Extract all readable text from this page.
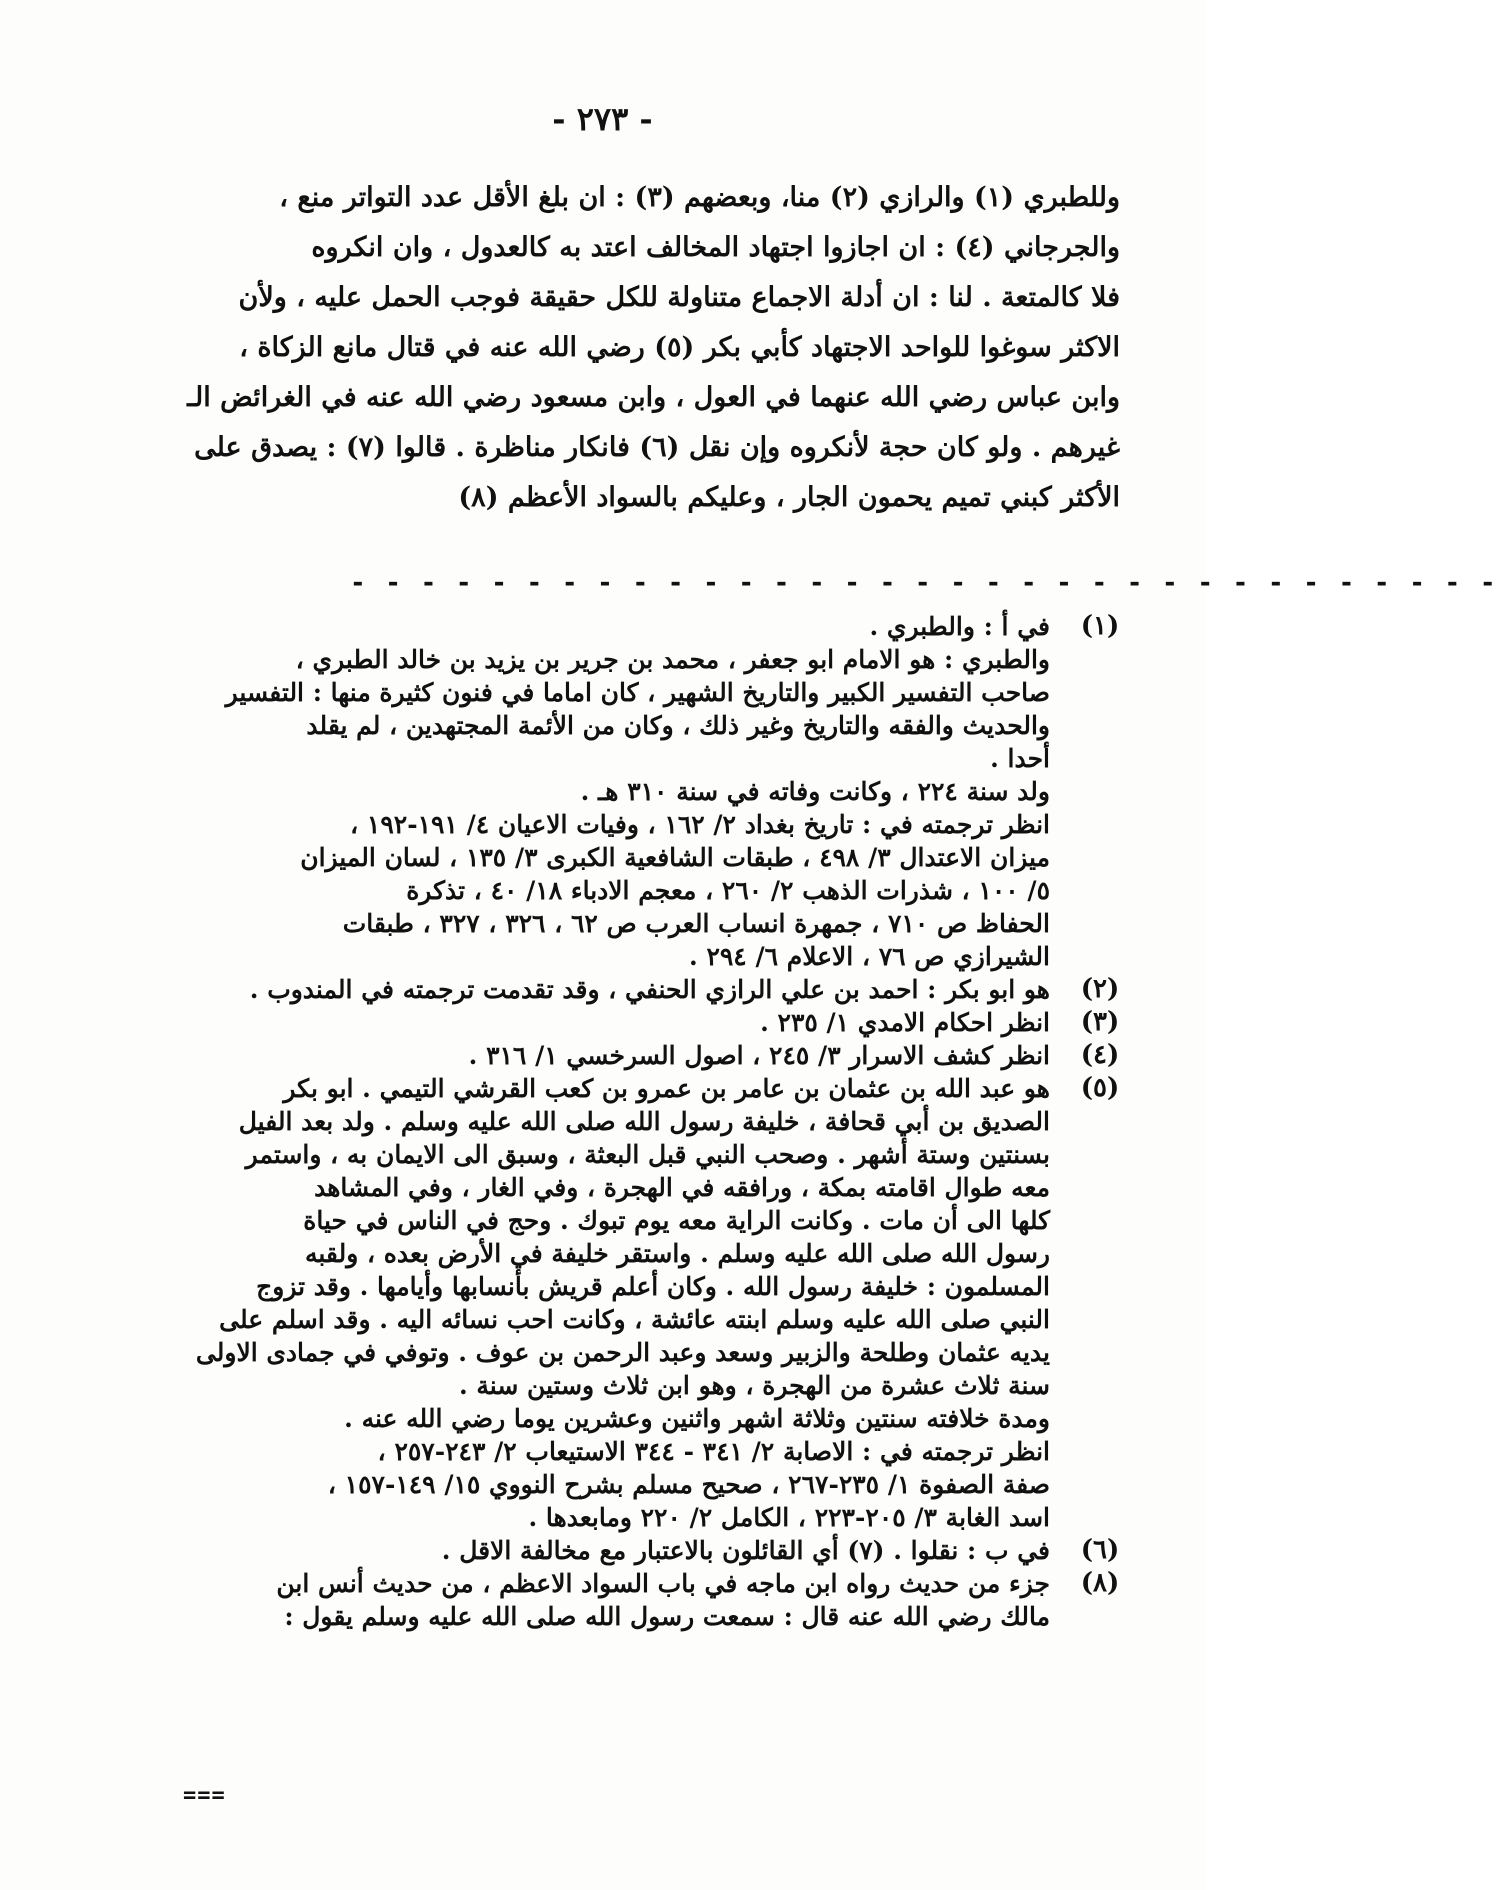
- ٢٧٣ -
وللطبري (١) والرازي (٢) منا، وبعضهم (٣) : ان بلغ الأقل عدد التواتر منع ،
والجرجاني (٤) : ان اجازوا اجتهاد المخالف اعتد به كالعدول ، وان انكروه
فلا كالمتعة . لنا : ان أدلة الاجماع متناولة للكل حقيقة فوجب الحمل عليه ، ولأن
الاكثر سوغوا للواحد الاجتهاد كأبي بكر (٥) رضي الله عنه في قتال مانع الزكاة ،
وابن عباس رضي الله عنهما في العول ، وابن مسعود رضي الله عنه في الغرائض الـ
غيرهم . ولو كان حجة لأنكروه وإن نقل (٦) فانكار مناظرة . قالوا (٧) : يصدق على
الأكثر كبني تميم يحمون الجار ، وعليكم بالسواد الأعظم (٨)
- - - - - - - - - - - - - - - - - - - - - - - - - - - - - - - - -
(١)
في أ : والطبري .
والطبري : هو الامام ابو جعفر ، محمد بن جرير بن يزيد بن خالد الطبري ،
صاحب التفسير الكبير والتاريخ الشهير ، كان اماما في فنون كثيرة منها : التفسير
والحديث والفقه والتاريخ وغير ذلك ، وكان من الأئمة المجتهدين ، لم يقلد
أحدا .
ولد سنة ٢٢٤ ، وكانت وفاته في سنة ٣١٠ هـ .
انظر ترجمته في : تاريخ بغداد ٢/ ١٦٢ ، وفيات الاعيان ٤/ ١٩١-١٩٢ ،
ميزان الاعتدال ٣/ ٤٩٨ ، طبقات الشافعية الكبرى ٣/ ١٣٥ ، لسان الميزان
٥/ ١٠٠ ، شذرات الذهب ٢/ ٢٦٠ ، معجم الادباء ١٨/ ٤٠ ، تذكرة
الحفاظ ص ٧١٠ ، جمهرة انساب العرب ص ٦٢ ، ٣٢٦ ، ٣٢٧ ، طبقات
الشيرازي ص ٧٦ ، الاعلام ٦/ ٢٩٤ .
(٢)
هو ابو بكر : احمد بن علي الرازي الحنفي ، وقد تقدمت ترجمته في المندوب .
(٣)
انظر احكام الامدي ١/ ٢٣٥ .
(٤)
انظر كشف الاسرار ٣/ ٢٤٥ ، اصول السرخسي ١/ ٣١٦ .
(٥)
هو عبد الله بن عثمان بن عامر بن عمرو بن كعب القرشي التيمي . ابو بكر
الصديق بن أبي قحافة ، خليفة رسول الله صلى الله عليه وسلم . ولد بعد الفيل
بسنتين وستة أشهر . وصحب النبي قبل البعثة ، وسبق الى الايمان به ، واستمر
معه طوال اقامته بمكة ، ورافقه في الهجرة ، وفي الغار ، وفي المشاهد
كلها الى أن مات . وكانت الراية معه يوم تبوك . وحج في الناس في حياة
رسول الله صلى الله عليه وسلم . واستقر خليفة في الأرض بعده ، ولقبه
المسلمون : خليفة رسول الله . وكان أعلم قريش بأنسابها وأيامها . وقد تزوج
النبي صلى الله عليه وسلم ابنته عائشة ، وكانت احب نسائه اليه . وقد اسلم على
يديه عثمان وطلحة والزبير وسعد وعبد الرحمن بن عوف . وتوفي في جمادى الاولى
سنة ثلاث عشرة من الهجرة ، وهو ابن ثلاث وستين سنة .
ومدة خلافته سنتين وثلاثة اشهر واثنين وعشرين يوما رضي الله عنه .
انظر ترجمته في : الاصابة ٢/ ٣٤١ - ٣٤٤ الاستيعاب ٢/ ٢٤٣-٢٥٧ ،
صفة الصفوة ١/ ٢٣٥-٢٦٧ ، صحيح مسلم بشرح النووي ١٥/ ١٤٩-١٥٧ ،
اسد الغابة ٣/ ٢٠٥-٢٢٣ ، الكامل ٢/ ٢٢٠ ومابعدها .
(٦)
في ب : نقلوا . (٧) أي القائلون بالاعتبار مع مخالفة الاقل .
(٨)
جزء من حديث رواه ابن ماجه في باب السواد الاعظم ، من حديث أنس ابن
مالك رضي الله عنه قال : سمعت رسول الله صلى الله عليه وسلم يقول :
===
